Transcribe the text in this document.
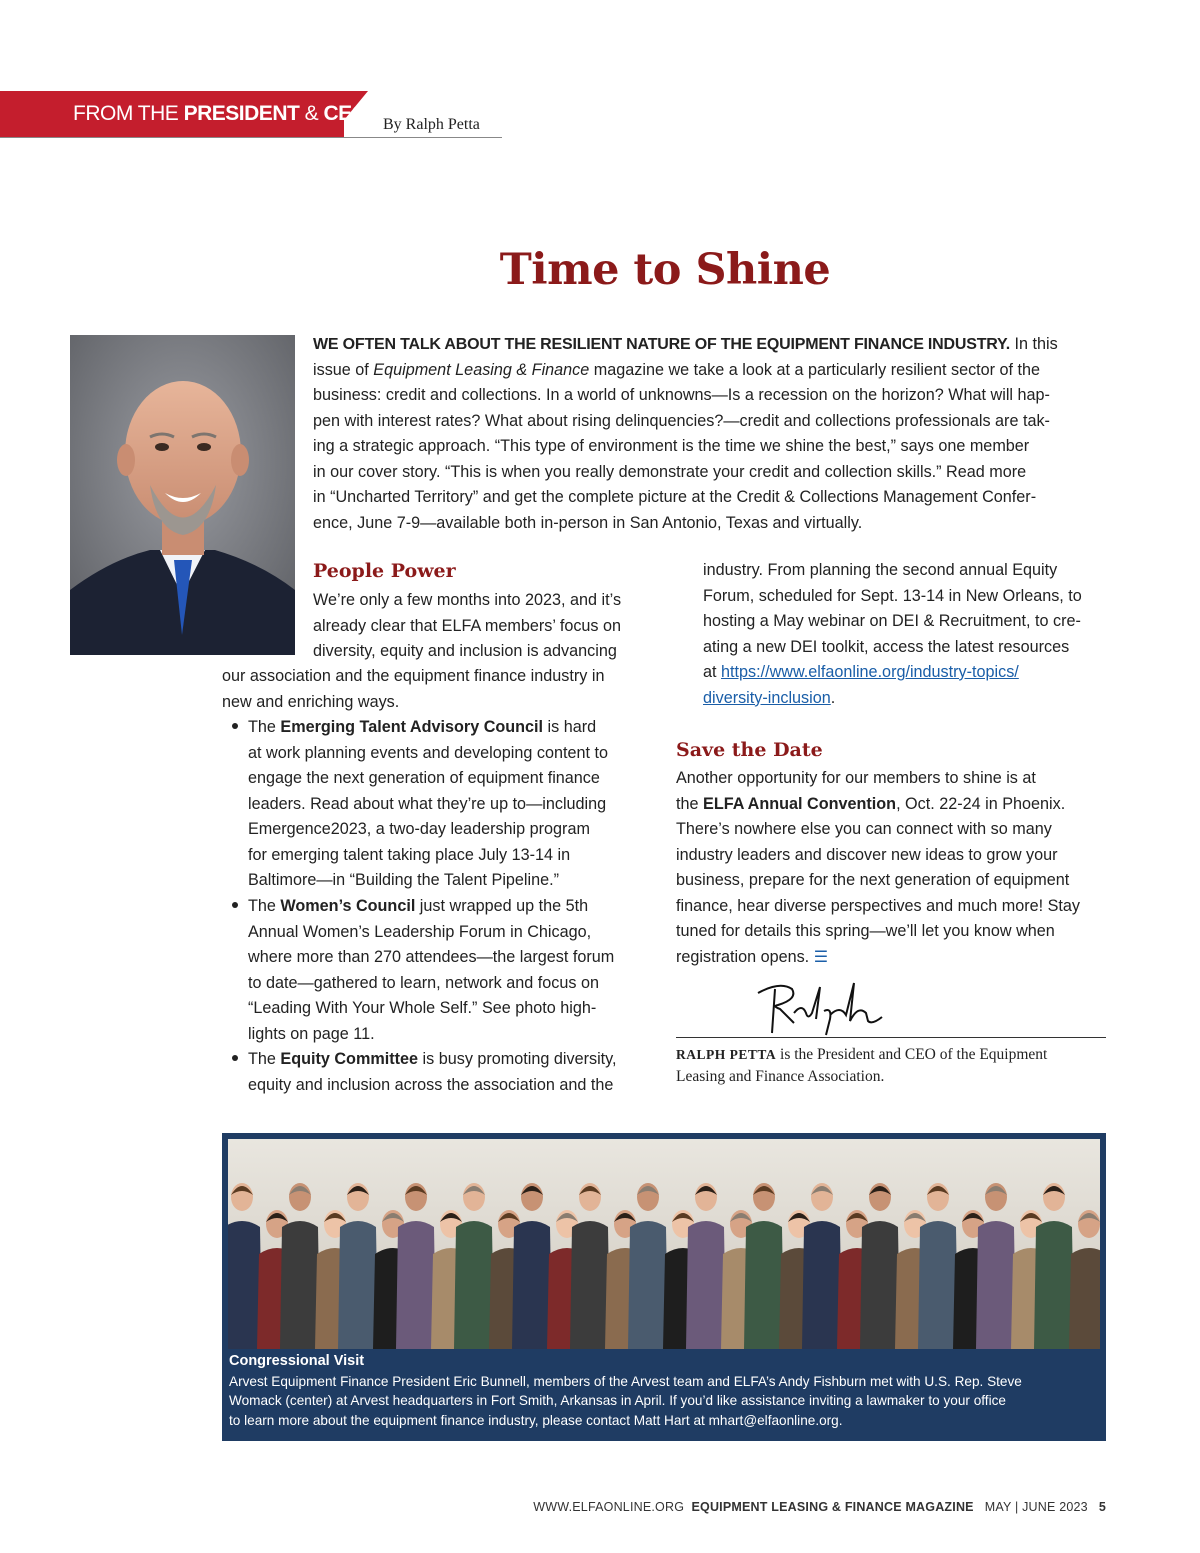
FROM THE PRESIDENT & CEO By Ralph Petta
Time to Shine
WE OFTEN TALK ABOUT THE RESILIENT NATURE OF THE EQUIPMENT FINANCE INDUSTRY. In this
issue of Equipment Leasing & Finance magazine we take a look at a particularly resilient sector of the
business: credit and collections. In a world of unknowns—Is a recession on the horizon? What will hap-
pen with interest rates? What about rising delinquencies?—credit and collections professionals are tak-
ing a strategic approach. “This type of environment is the time we shine the best,” says one member
in our cover story. “This is when you really demonstrate your credit and collection skills.” Read more
in “Uncharted Territory” and get the complete picture at the Credit & Collections Management Confer-
ence, June 7-9—available both in-person in San Antonio, Texas and virtually.
People Power
We’re only a few months into 2023, and it’s
already clear that ELFA members’ focus on
diversity, equity and inclusion is advancing
our association and the equipment finance industry in
new and enriching ways.
The Emerging Talent Advisory Council is hard
at work planning events and developing content to
engage the next generation of equipment finance
leaders. Read about what they’re up to—including
Emergence2023, a two-day leadership program
for emerging talent taking place July 13-14 in
Baltimore—in “Building the Talent Pipeline.”
The Women’s Council just wrapped up the 5th
Annual Women’s Leadership Forum in Chicago,
where more than 270 attendees—the largest forum
to date—gathered to learn, network and focus on
“Leading With Your Whole Self.” See photo high-
lights on page 11.
The Equity Committee is busy promoting diversity,
equity and inclusion across the association and the
industry. From planning the second annual Equity
Forum, scheduled for Sept. 13-14 in New Orleans, to
hosting a May webinar on DEI & Recruitment, to cre-
ating a new DEI toolkit, access the latest resources
at https://www.elfaonline.org/industry-topics/
diversity-inclusion.
Save the Date
Another opportunity for our members to shine is at
the ELFA Annual Convention, Oct. 22-24 in Phoenix.
There’s nowhere else you can connect with so many
industry leaders and discover new ideas to grow your
business, prepare for the next generation of equipment
finance, hear diverse perspectives and much more! Stay
tuned for details this spring—we’ll let you know when
registration opens. ☰
RALPH PETTA is the President and CEO of the Equipment
Leasing and Finance Association.
Congressional Visit
Arvest Equipment Finance President Eric Bunnell, members of the Arvest team and ELFA’s Andy Fishburn met with U.S. Rep. Steve
Womack (center) at Arvest headquarters in Fort Smith, Arkansas in April. If you’d like assistance inviting a lawmaker to your office
to learn more about the equipment finance industry, please contact Matt Hart at mhart@elfaonline.org.
WWW.ELFAONLINE.ORG EQUIPMENT LEASING & FINANCE MAGAZINE MAY | JUNE 2023 5
